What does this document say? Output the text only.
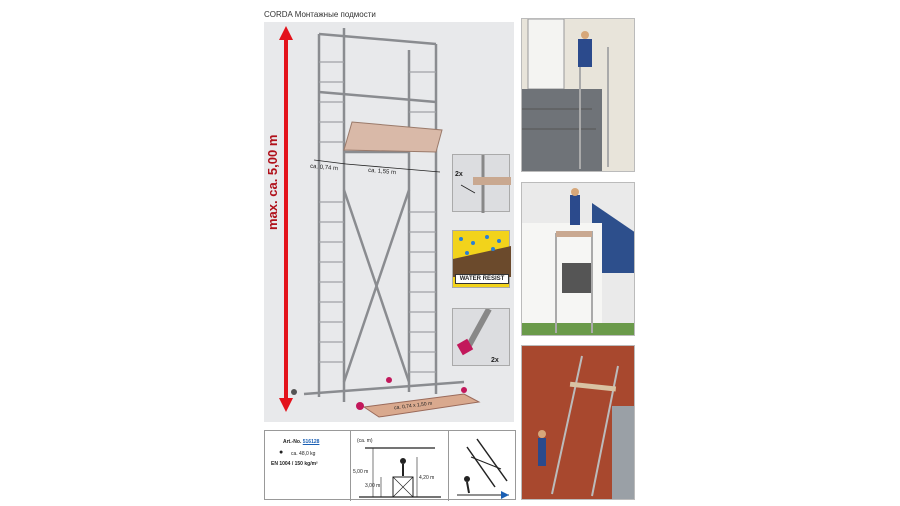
CORDA Монтажные подмости
max. ca. 5,00 m	ca. 0,74 m	ca. 1,55 m
ca. 0,74 x 1,50 m
2x
WATER RESIST
2x
Art.-No. 516128
● ca. 48,0 kg
EN 1004 / 150 kg/m²
(ca. m)
5,00 m
3,00 m
4,20 m
